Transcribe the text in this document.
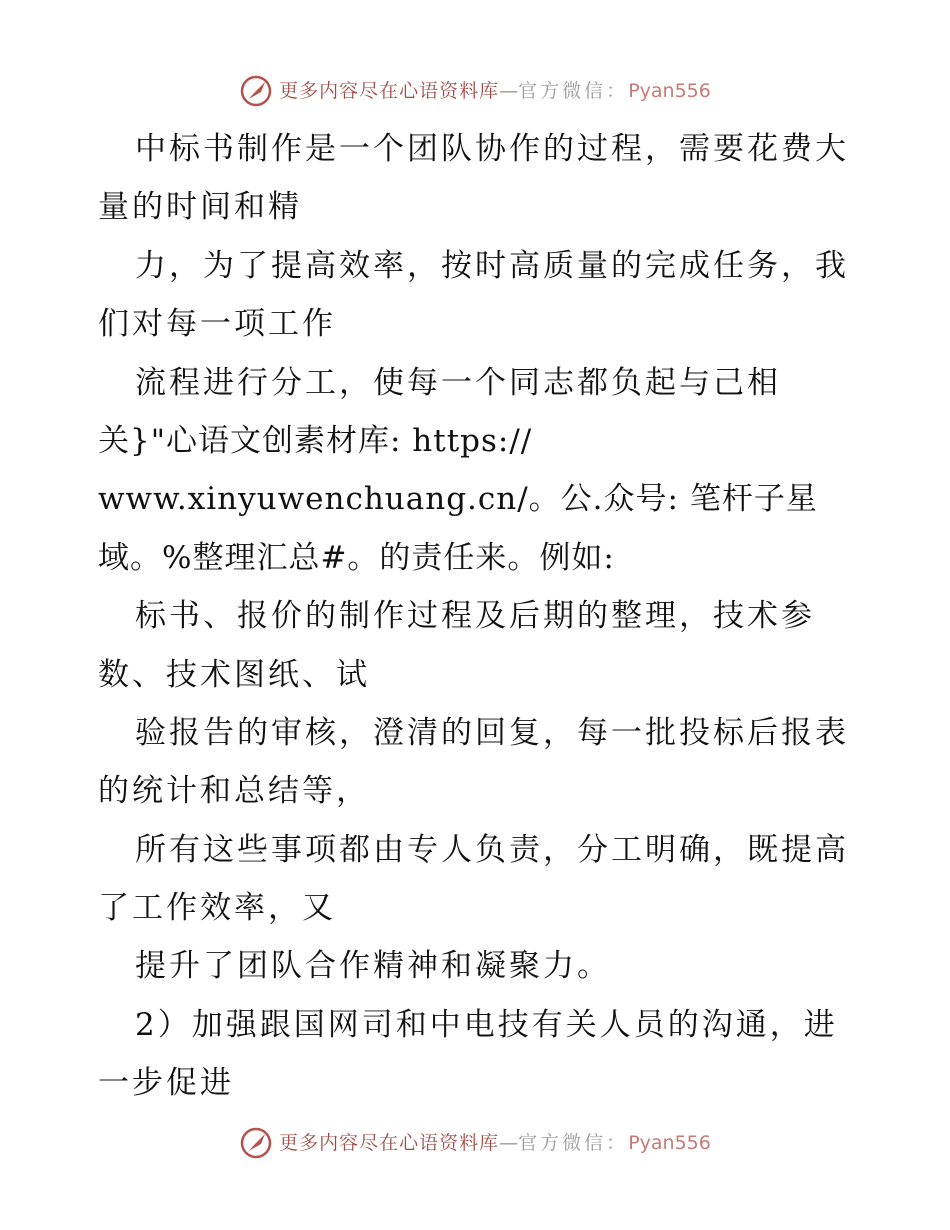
更多内容尽在心语资料库 — 官方微信： Pyan556
中标书制作是一个团队协作的过程，需要花费大
量的时间和精
力，为了提高效率，按时高质量的完成任务，我
们对每一项工作
流程进行分工，使每一个同志都负起与己相
关}"心语文创素材库: https://
www.xinyuwenchuang.cn/。公.众号: 笔杆子星
域。%整理汇总#。的责任来。例如:
标书、报价的制作过程及后期的整理，技术参
数、技术图纸、试
验报告的审核，澄清的回复，每一批投标后报表
的统计和总结等，
所有这些事项都由专人负责，分工明确，既提高
了工作效率，又
提升了团队合作精神和凝聚力。
2）加强跟国网司和中电技有关人员的沟通，进
一步促进
更多内容尽在心语资料库 — 官方微信： Pyan556
